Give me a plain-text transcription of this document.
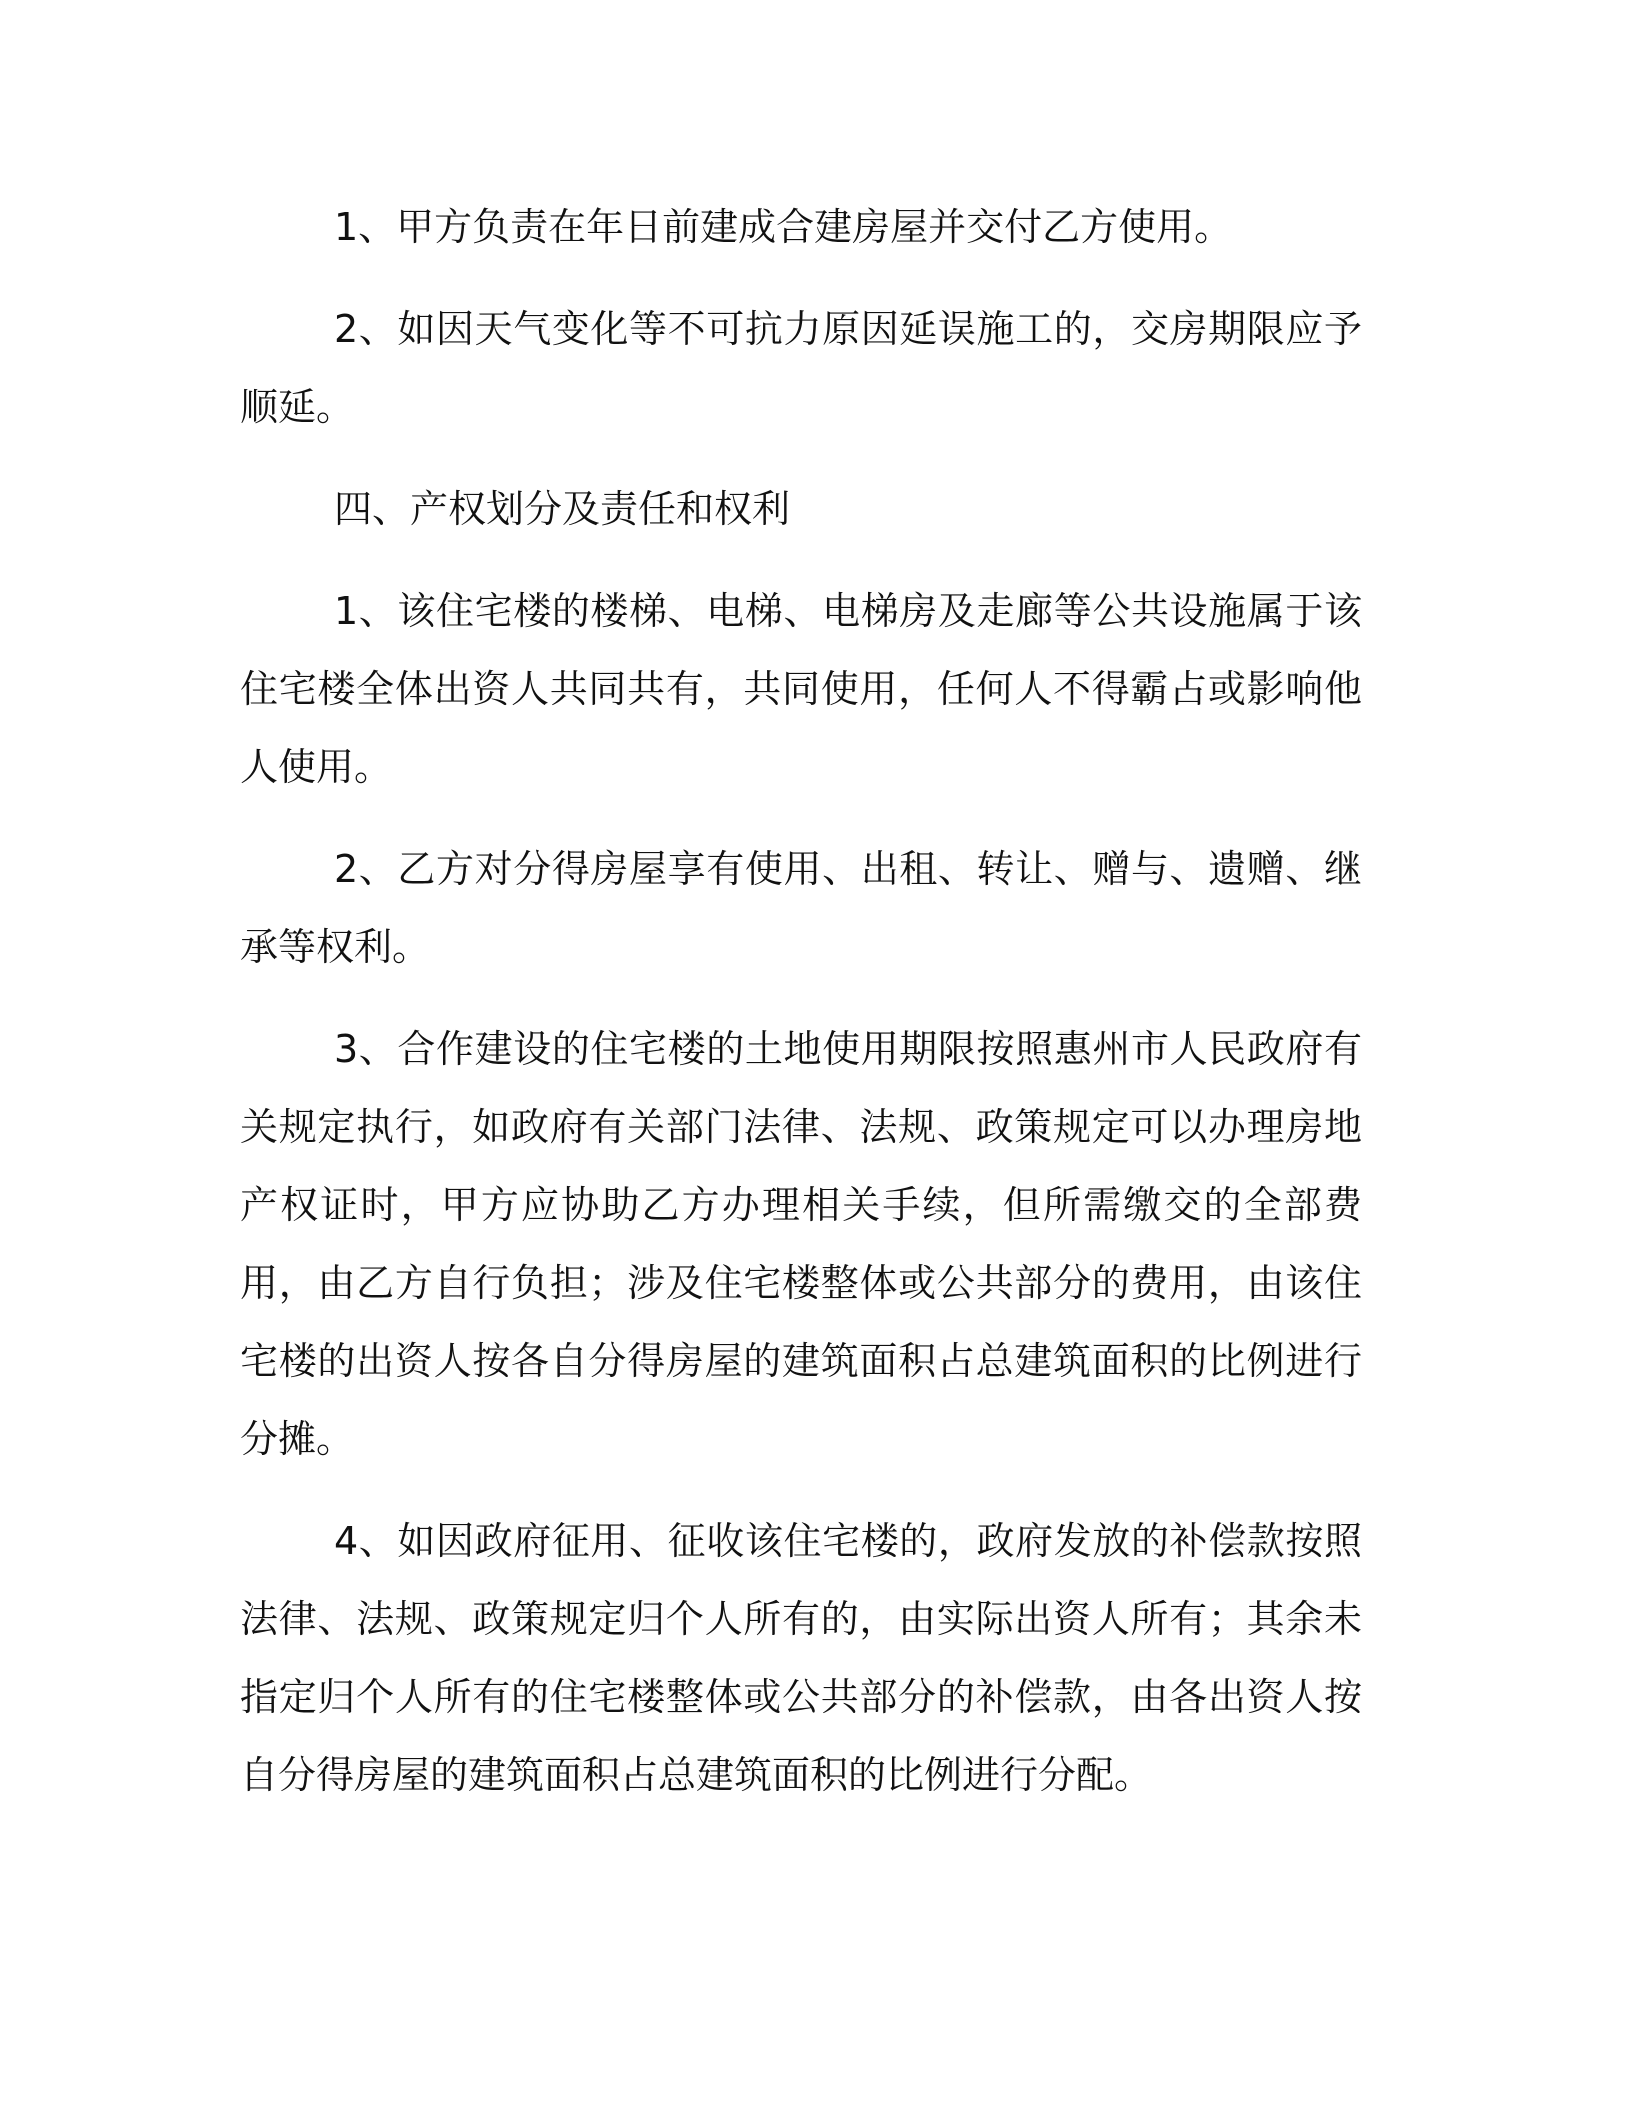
1、甲方负责在年日前建成合建房屋并交付乙方使用。

2、如因天气变化等不可抗力原因延误施工的，交房期限应予顺延。

四、产权划分及责任和权利

1、该住宅楼的楼梯、电梯、电梯房及走廊等公共设施属于该住宅楼全体出资人共同共有，共同使用，任何人不得霸占或影响他人使用。

2、乙方对分得房屋享有使用、出租、转让、赠与、遗赠、继承等权利。

3、合作建设的住宅楼的土地使用期限按照惠州市人民政府有关规定执行，如政府有关部门法律、法规、政策规定可以办理房地产权证时，甲方应协助乙方办理相关手续，但所需缴交的全部费用，由乙方自行负担；涉及住宅楼整体或公共部分的费用，由该住宅楼的出资人按各自分得房屋的建筑面积占总建筑面积的比例进行分摊。

4、如因政府征用、征收该住宅楼的，政府发放的补偿款按照法律、法规、政策规定归个人所有的，由实际出资人所有；其余未指定归个人所有的住宅楼整体或公共部分的补偿款，由各出资人按自分得房屋的建筑面积占总建筑面积的比例进行分配。
